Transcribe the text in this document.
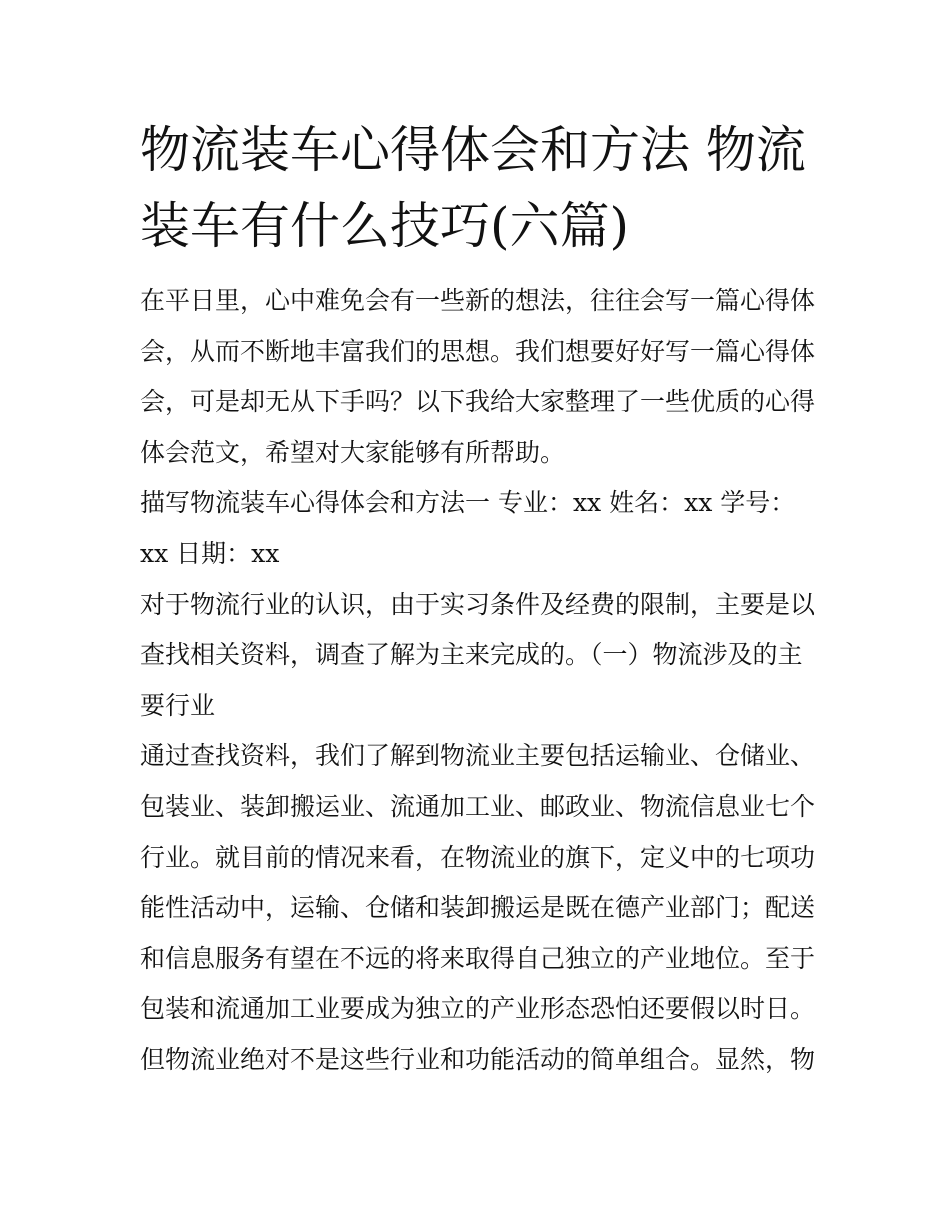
物流装车心得体会和方法 物流装车有什么技巧(六篇)

在平日里，心中难免会有一些新的想法，往往会写一篇心得体会，从而不断地丰富我们的思想。我们想要好好写一篇心得体会，可是却无从下手吗？以下我给大家整理了一些优质的心得体会范文，希望对大家能够有所帮助。

描写物流装车心得体会和方法一 专业：xx 姓名：xx 学号：xx 日期：xx

对于物流行业的认识，由于实习条件及经费的限制，主要是以查找相关资料，调查了解为主来完成的。（一）物流涉及的主要行业

通过查找资料，我们了解到物流业主要包括运输业、仓储业、包装业、装卸搬运业、流通加工业、邮政业、物流信息业七个行业。就目前的情况来看，在物流业的旗下，定义中的七项功能性活动中，运输、仓储和装卸搬运是既在德产业部门；配送和信息服务有望在不远的将来取得自己独立的产业地位。至于包装和流通加工业要成为独立的产业形态恐怕还要假以时日。但物流业绝对不是这些行业和功能活动的简单组合。显然，物
